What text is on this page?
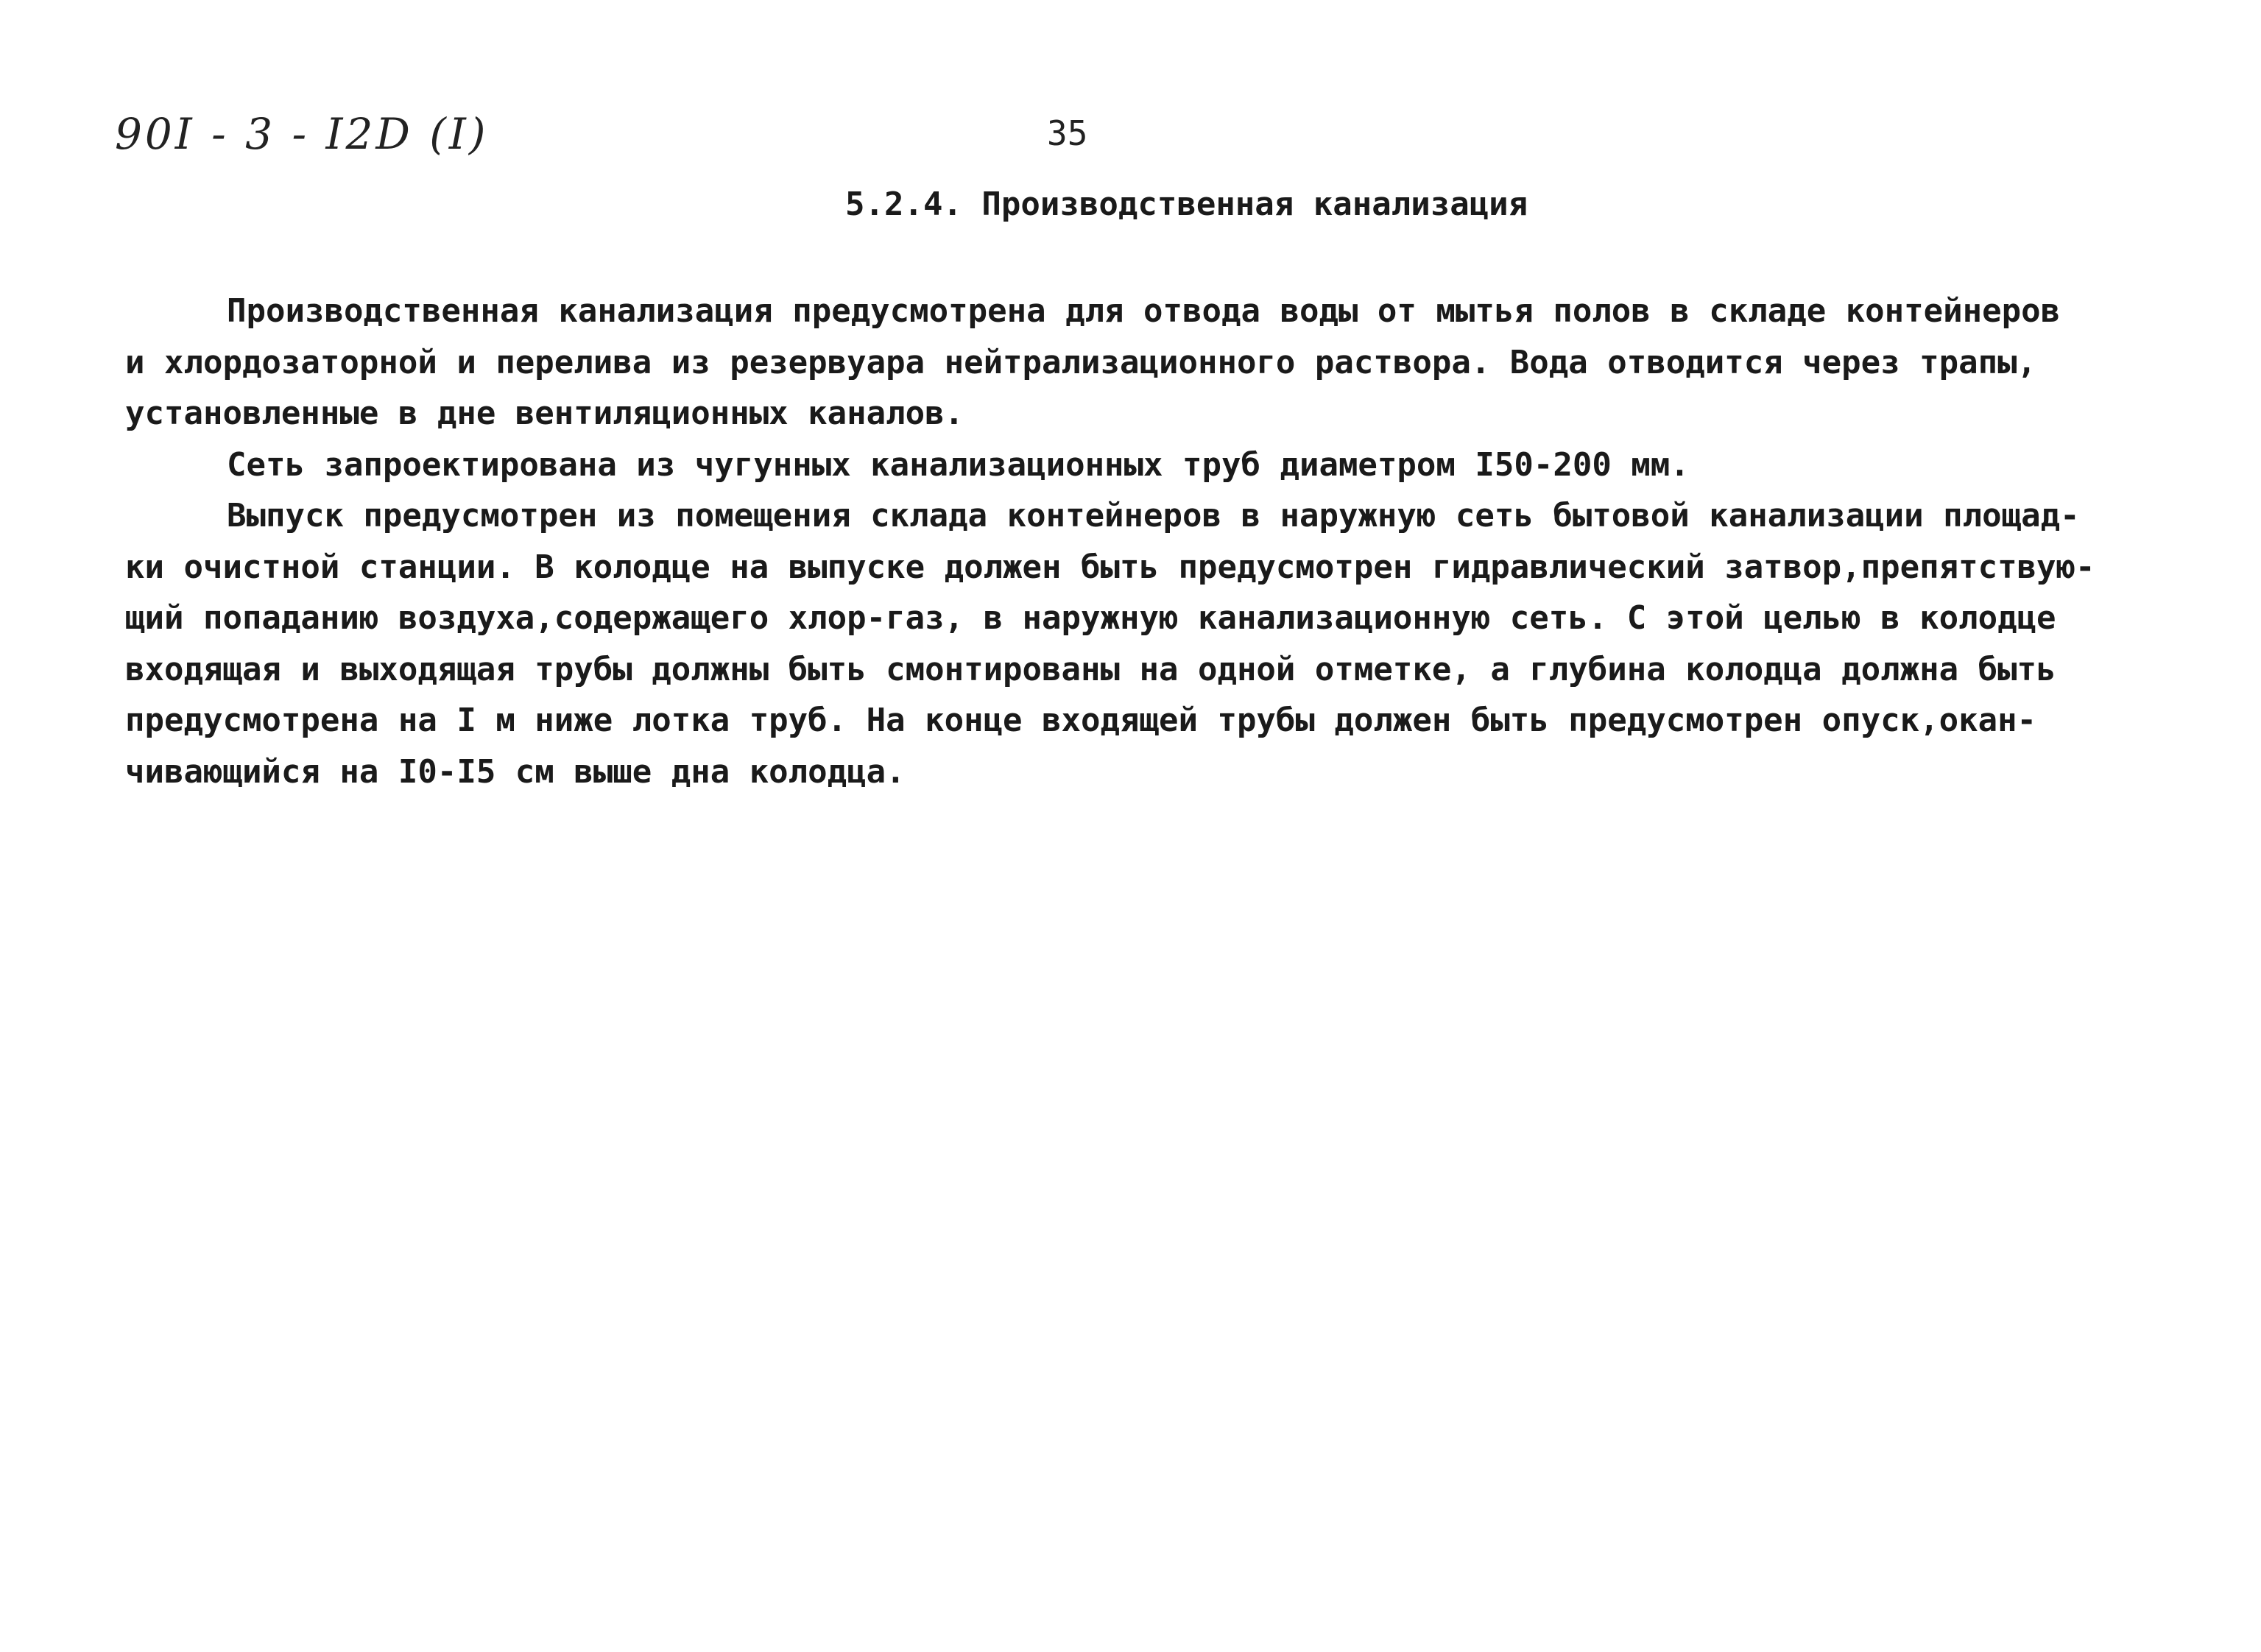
90I - 3 - I2D (I)	35
5.2.4. Производственная канализация
Производственная канализация предусмотрена для отвода воды от мытья полов в складе контейнеров
и хлордозаторной и перелива из резервуара нейтрализационного раствора. Вода отводится через трапы,
установленные в дне вентиляционных каналов.
Сеть запроектирована из чугунных канализационных труб диаметром I50-200 мм.
Выпуск предусмотрен из помещения склада контейнеров в наружную сеть бытовой канализации площад-
ки очистной станции. В колодце на выпуске должен быть предусмотрен гидравлический затвор,препятствую-
щий попаданию воздуха,содержащего хлор-газ, в наружную канализационную сеть. С этой целью в колодце
входящая и выходящая трубы должны быть смонтированы на одной отметке, а глубина колодца должна быть
предусмотрена на I м ниже лотка труб. На конце входящей трубы должен быть предусмотрен опуск,окан-
чивающийся на I0-I5 см выше дна колодца.
